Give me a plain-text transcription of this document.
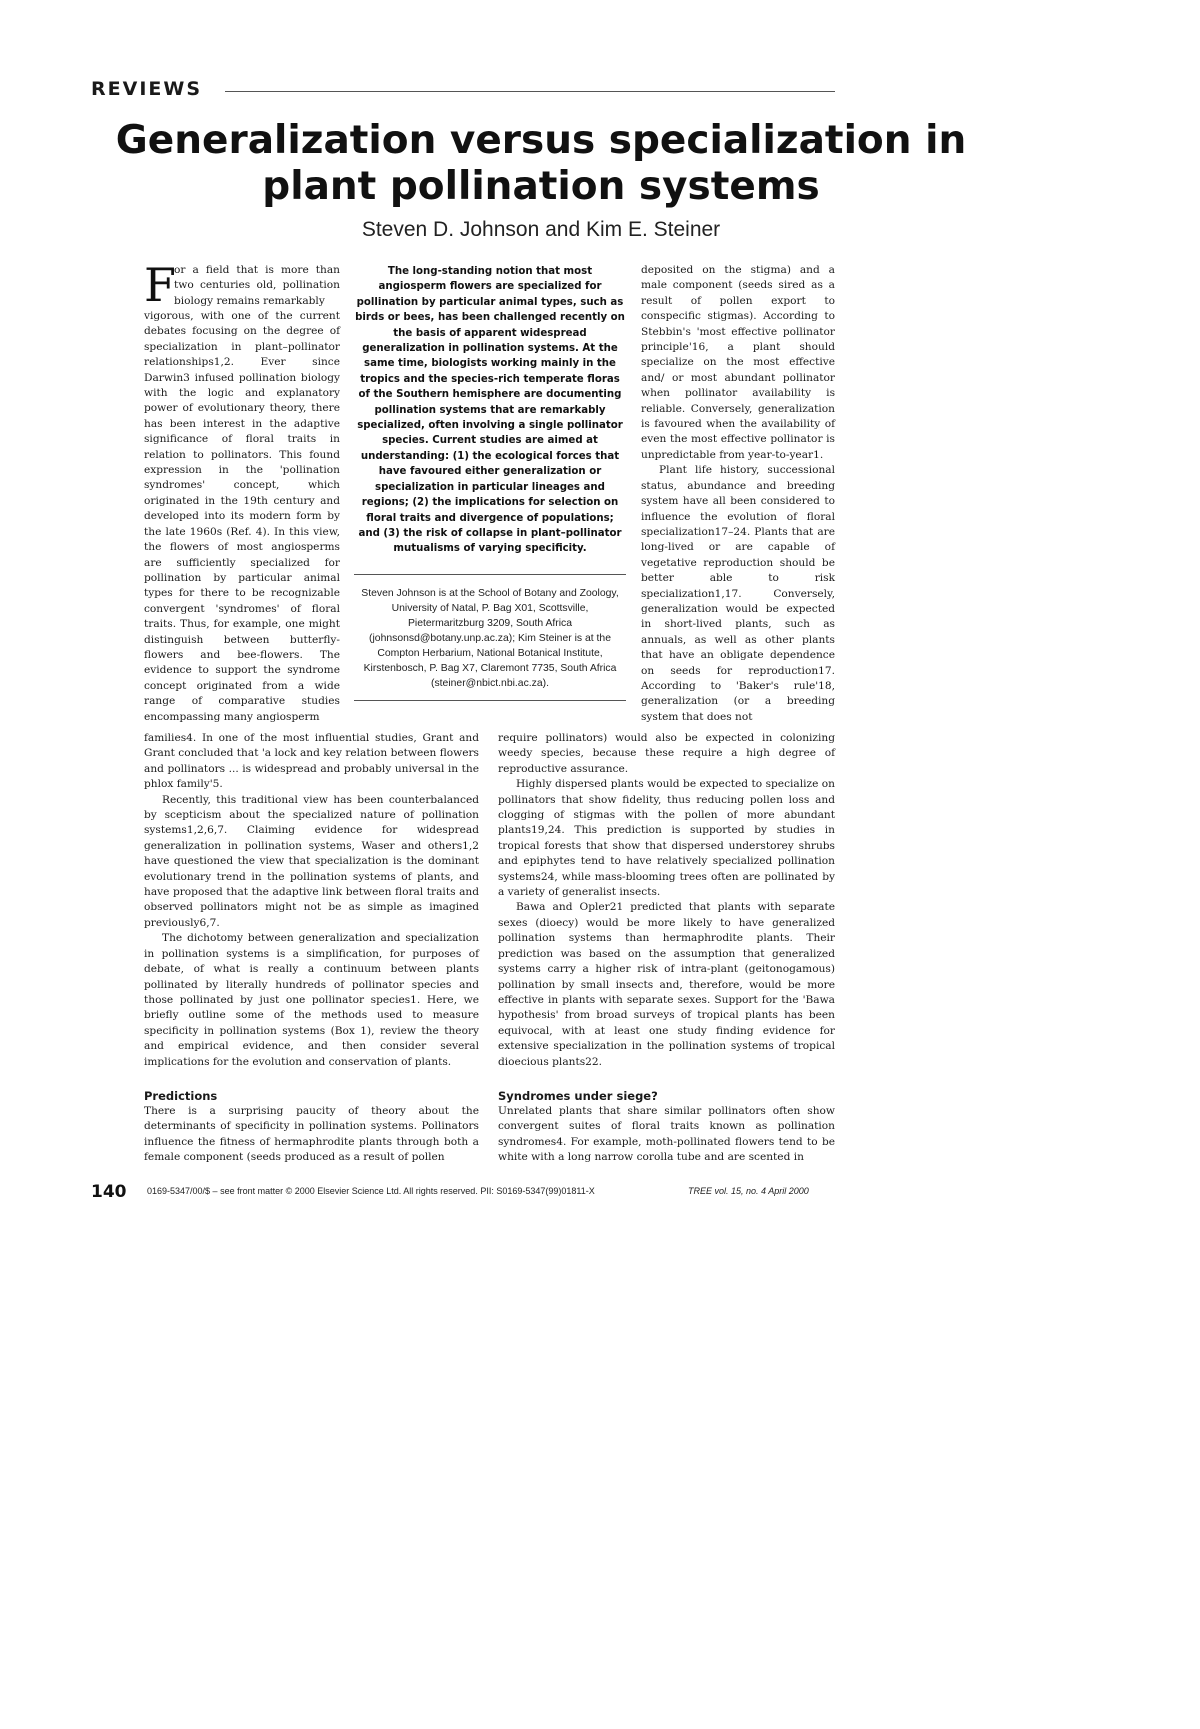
REVIEWS
Generalization versus specialization in plant pollination systems
Steven D. Johnson and Kim E. Steiner
F

or a field that is more than two centuries old, pollination biology remains remarkably

vigorous, with one of the current debates focusing on the degree of specialization in plant–pollinator relationships1,2. Ever since Darwin3 infused pollination biology with the logic and explanatory power of evolutionary theory, there has been interest in the adaptive significance of floral traits in relation to pollinators. This found expression in the 'pollination syndromes' concept, which originated in the 19th century and developed into its modern form by the late 1960s (Ref. 4). In this view, the flowers of most angiosperms are sufficiently specialized for pollination by particular animal types for there to be recognizable convergent 'syndromes' of floral traits. Thus, for example, one might distinguish between butterfly-flowers and bee-flowers. The evidence to support the syndrome concept originated from a wide range of comparative studies encompassing many angiosperm

The long-standing notion that most angiosperm flowers are specialized for pollination by particular animal types, such as birds or bees, has been challenged recently on the basis of apparent widespread generalization in pollination systems. At the same time, biologists working mainly in the tropics and the species-rich temperate floras of the Southern hemisphere are documenting pollination systems that are remarkably specialized, often involving a single pollinator species. Current studies are aimed at understanding: (1) the ecological forces that have favoured either generalization or specialization in particular lineages and regions; (2) the implications for selection on floral traits and divergence of populations; and (3) the risk of collapse in plant–pollinator mutualisms of varying specificity.
Steven Johnson is at the School of Botany and Zoology, University of Natal, P. Bag X01, Scottsville, Pietermaritzburg 3209, South Africa (johnsonsd@botany.unp.ac.za); Kim Steiner is at the Compton Herbarium, National Botanical Institute, Kirstenbosch, P. Bag X7, Claremont 7735, South Africa (steiner@nbict.nbi.ac.za).

deposited on the stigma) and a male component (seeds sired as a result of pollen export to conspecific stigmas). According to Stebbin's 'most effective pollinator principle'16, a plant should specialize on the most effective and/ or most abundant pollinator when pollinator availability is reliable. Conversely, generalization is favoured when the availability of even the most effective pollinator is unpredictable from year-to-year1.

Plant life history, successional status, abundance and breeding system have all been considered to influence the evolution of floral specialization17–24. Plants that are long-lived or are capable of vegetative reproduction should be better able to risk specialization1,17. Conversely, generalization would be expected in short-lived plants, such as annuals, as well as other plants that have an obligate dependence on seeds for reproduction17. According to 'Baker's rule'18, generalization (or a breeding system that does not

families4. In one of the most influential studies, Grant and Grant concluded that 'a lock and key relation between flowers and pollinators ... is widespread and probably universal in the phlox family'5.

Recently, this traditional view has been counterbalanced by scepticism about the specialized nature of pollination systems1,2,6,7. Claiming evidence for widespread generalization in pollination systems, Waser and others1,2 have questioned the view that specialization is the dominant evolutionary trend in the pollination systems of plants, and have proposed that the adaptive link between floral traits and observed pollinators might not be as simple as imagined previously6,7.

The dichotomy between generalization and specialization in pollination systems is a simplification, for purposes of debate, of what is really a continuum between plants pollinated by literally hundreds of pollinator species and those pollinated by just one pollinator species1. Here, we briefly outline some of the methods used to measure specificity in pollination systems (Box 1), review the theory and empirical evidence, and then consider several implications for the evolution and conservation of plants.

require pollinators) would also be expected in colonizing weedy species, because these require a high degree of reproductive assurance.

Highly dispersed plants would be expected to specialize on pollinators that show fidelity, thus reducing pollen loss and clogging of stigmas with the pollen of more abundant plants19,24. This prediction is supported by studies in tropical forests that show that dispersed understorey shrubs and epiphytes tend to have relatively specialized pollination systems24, while mass-blooming trees often are pollinated by a variety of generalist insects.

Bawa and Opler21 predicted that plants with separate sexes (dioecy) would be more likely to have generalized pollination systems than hermaphrodite plants. Their prediction was based on the assumption that generalized systems carry a higher risk of intra-plant (geitonogamous) pollination by small insects and, therefore, would be more effective in plants with separate sexes. Support for the 'Bawa hypothesis' from broad surveys of tropical plants has been equivocal, with at least one study finding evidence for extensive specialization in the pollination systems of tropical dioecious plants22.

Predictions

There is a surprising paucity of theory about the determinants of specificity in pollination systems. Pollinators influence the fitness of hermaphrodite plants through both a female component (seeds produced as a result of pollen

Syndromes under siege?

Unrelated plants that share similar pollinators often show convergent suites of floral traits known as pollination syndromes4. For example, moth-pollinated flowers tend to be white with a long narrow corolla tube and are scented in

140 0169-5347/00/$ – see front matter © 2000 Elsevier Science Ltd. All rights reserved. PII: S0169-5347(99)01811-X	TREE vol. 15, no. 4 April 2000
